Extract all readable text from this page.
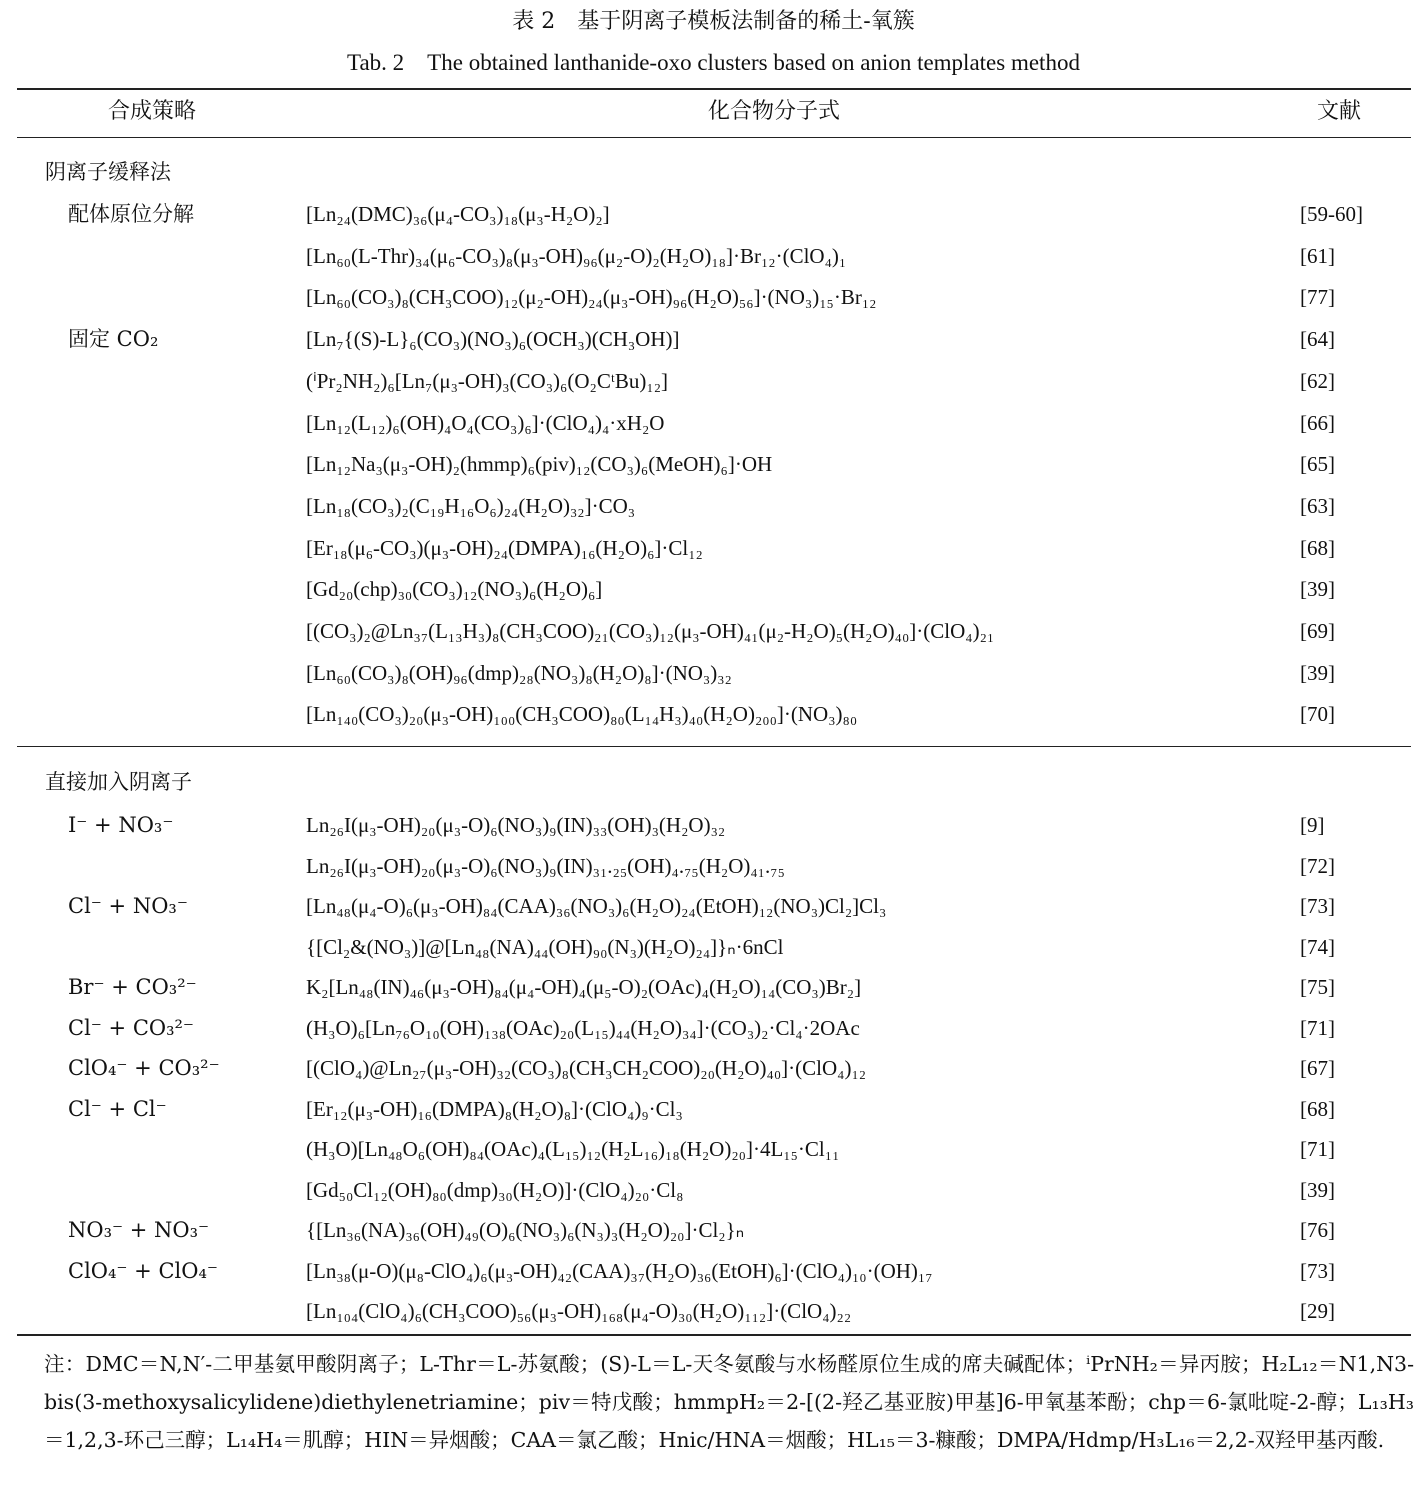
表 2　基于阴离子模板法制备的稀土-氧簇
Tab. 2　The obtained lanthanide-oxo clusters based on anion templates method
合成策略	化合物分子式	文献
阴离子缓释法
配体原位分解	[Ln₂₄(DMC)₃₆(μ₄-CO₃)₁₈(μ₃-H₂O)₂]	[59-60]
[Ln₆₀(L-Thr)₃₄(μ₆-CO₃)₈(μ₃-OH)₉₆(μ₂-O)₂(H₂O)₁₈]·Br₁₂·(ClO₄)₁	[61]
[Ln₆₀(CO₃)₈(CH₃COO)₁₂(μ₂-OH)₂₄(μ₃-OH)₉₆(H₂O)₅₆]·(NO₃)₁₅·Br₁₂	[77]
固定 CO₂	[Ln₇{(S)-L}₆(CO₃)(NO₃)₆(OCH₃)(CH₃OH)]	[64]
(ⁱPr₂NH₂)₆[Ln₇(μ₃-OH)₃(CO₃)₆(O₂CᵗBu)₁₂]	[62]
[Ln₁₂(L₁₂)₆(OH)₄O₄(CO₃)₆]·(ClO₄)₄·xH₂O	[66]
[Ln₁₂Na₃(μ₃-OH)₂(hmmp)₆(piv)₁₂(CO₃)₆(MeOH)₆]·OH	[65]
[Ln₁₈(CO₃)₂(C₁₉H₁₆O₆)₂₄(H₂O)₃₂]·CO₃	[63]
[Er₁₈(μ₆-CO₃)(μ₃-OH)₂₄(DMPA)₁₆(H₂O)₆]·Cl₁₂	[68]
[Gd₂₀(chp)₃₀(CO₃)₁₂(NO₃)₆(H₂O)₆]	[39]
[(CO₃)₂@Ln₃₇(L₁₃H₃)₈(CH₃COO)₂₁(CO₃)₁₂(μ₃-OH)₄₁(μ₂-H₂O)₅(H₂O)₄₀]·(ClO₄)₂₁	[69]
[Ln₆₀(CO₃)₈(OH)₉₆(dmp)₂₈(NO₃)₈(H₂O)₈]·(NO₃)₃₂	[39]
[Ln₁₄₀(CO₃)₂₀(μ₃-OH)₁₀₀(CH₃COO)₈₀(L₁₄H₃)₄₀(H₂O)₂₀₀]·(NO₃)₈₀	[70]
直接加入阴离子
I⁻ + NO₃⁻	Ln₂₆I(μ₃-OH)₂₀(μ₃-O)₆(NO₃)₉(IN)₃₃(OH)₃(H₂O)₃₂	[9]
Ln₂₆I(μ₃-OH)₂₀(μ₃-O)₆(NO₃)₉(IN)₃₁.₂₅(OH)₄.₇₅(H₂O)₄₁.₇₅	[72]
Cl⁻ + NO₃⁻	[Ln₄₈(μ₄-O)₆(μ₃-OH)₈₄(CAA)₃₆(NO₃)₆(H₂O)₂₄(EtOH)₁₂(NO₃)Cl₂]Cl₃	[73]
{[Cl₂&(NO₃)]@[Ln₄₈(NA)₄₄(OH)₉₀(N₃)(H₂O)₂₄]}ₙ·6nCl	[74]
Br⁻ + CO₃²⁻	K₂[Ln₄₈(IN)₄₆(μ₃-OH)₈₄(μ₄-OH)₄(μ₅-O)₂(OAc)₄(H₂O)₁₄(CO₃)Br₂]	[75]
Cl⁻ + CO₃²⁻	(H₃O)₆[Ln₇₆O₁₀(OH)₁₃₈(OAc)₂₀(L₁₅)₄₄(H₂O)₃₄]·(CO₃)₂·Cl₄·2OAc	[71]
ClO₄⁻ + CO₃²⁻	[(ClO₄)@Ln₂₇(μ₃-OH)₃₂(CO₃)₈(CH₃CH₂COO)₂₀(H₂O)₄₀]·(ClO₄)₁₂	[67]
Cl⁻ + Cl⁻	[Er₁₂(μ₃-OH)₁₆(DMPA)₈(H₂O)₈]·(ClO₄)₉·Cl₃	[68]
(H₃O)[Ln₄₈O₆(OH)₈₄(OAc)₄(L₁₅)₁₂(H₂L₁₆)₁₈(H₂O)₂₀]·4L₁₅·Cl₁₁	[71]
[Gd₅₀Cl₁₂(OH)₈₀(dmp)₃₀(H₂O)]·(ClO₄)₂₀·Cl₈	[39]
NO₃⁻ + NO₃⁻	{[Ln₃₆(NA)₃₆(OH)₄₉(O)₆(NO₃)₆(N₃)₃(H₂O)₂₀]·Cl₂}ₙ	[76]
ClO₄⁻ + ClO₄⁻	[Ln₃₈(μ-O)(μ₈-ClO₄)₆(μ₃-OH)₄₂(CAA)₃₇(H₂O)₃₆(EtOH)₆]·(ClO₄)₁₀·(OH)₁₇	[73]
[Ln₁₀₄(ClO₄)₆(CH₃COO)₅₆(μ₃-OH)₁₆₈(μ₄-O)₃₀(H₂O)₁₁₂]·(ClO₄)₂₂	[29]
注：DMC＝N,N′-二甲基氨甲酸阴离子；L-Thr＝L-苏氨酸；(S)-L＝L-天冬氨酸与水杨醛原位生成的席夫碱配体；ⁱPrNH₂＝异丙胺；H₂L₁₂＝N1,N3-bis(3-methoxysalicylidene)diethylenetriamine；piv＝特戊酸；hmmpH₂＝2-[(2-羟乙基亚胺)甲基]6-甲氧基苯酚；chp＝6-氯吡啶-2-醇；L₁₃H₃＝1,2,3-环己三醇；L₁₄H₄＝肌醇；HIN＝异烟酸；CAA＝氯乙酸；Hnic/HNA＝烟酸；HL₁₅＝3-糠酸；DMPA/Hdmp/H₃L₁₆＝2,2-双羟甲基丙酸.
